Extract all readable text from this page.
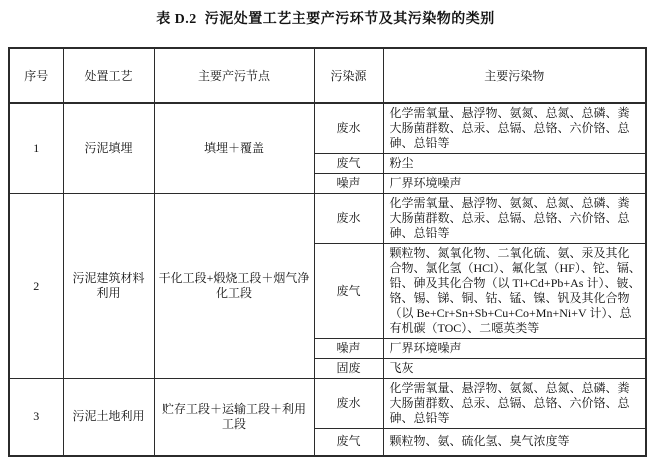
表 D.2  污泥处置工艺主要产污环节及其污染物的类别
序号	处置工艺	主要产污节点	污染源	主要污染物
1	污泥填埋	填埋＋覆盖	废水	化学需氧量、悬浮物、氨氮、总氮、总磷、粪大肠菌群数、总汞、总镉、总铬、六价铬、总砷、总铅等
			废气	粉尘
			噪声	厂界环境噪声
2	污泥建筑材料利用	干化工段+煅烧工段＋烟气净化工段	废水	化学需氧量、悬浮物、氨氮、总氮、总磷、粪大肠菌群数、总汞、总镉、总铬、六价铬、总砷、总铅等
			废气	颗粒物、氮氧化物、二氧化硫、氨、汞及其化合物、氯化氢（HCl）、氟化氢（HF）、铊、镉、铅、砷及其化合物（以 Tl+Cd+Pb+As 计）、铍、铬、锡、锑、铜、钴、锰、镍、钒及其化合物（以 Be+Cr+Sn+Sb+Cu+Co+Mn+Ni+V 计）、总有机碳（TOC）、二噁英类等
			噪声	厂界环境噪声
			固废	飞灰
3	污泥土地利用	贮存工段＋运输工段＋利用工段	废水	化学需氧量、悬浮物、氨氮、总氮、总磷、粪大肠菌群数、总汞、总镉、总铬、六价铬、总砷、总铅等
			废气	颗粒物、氨、硫化氢、臭气浓度等
